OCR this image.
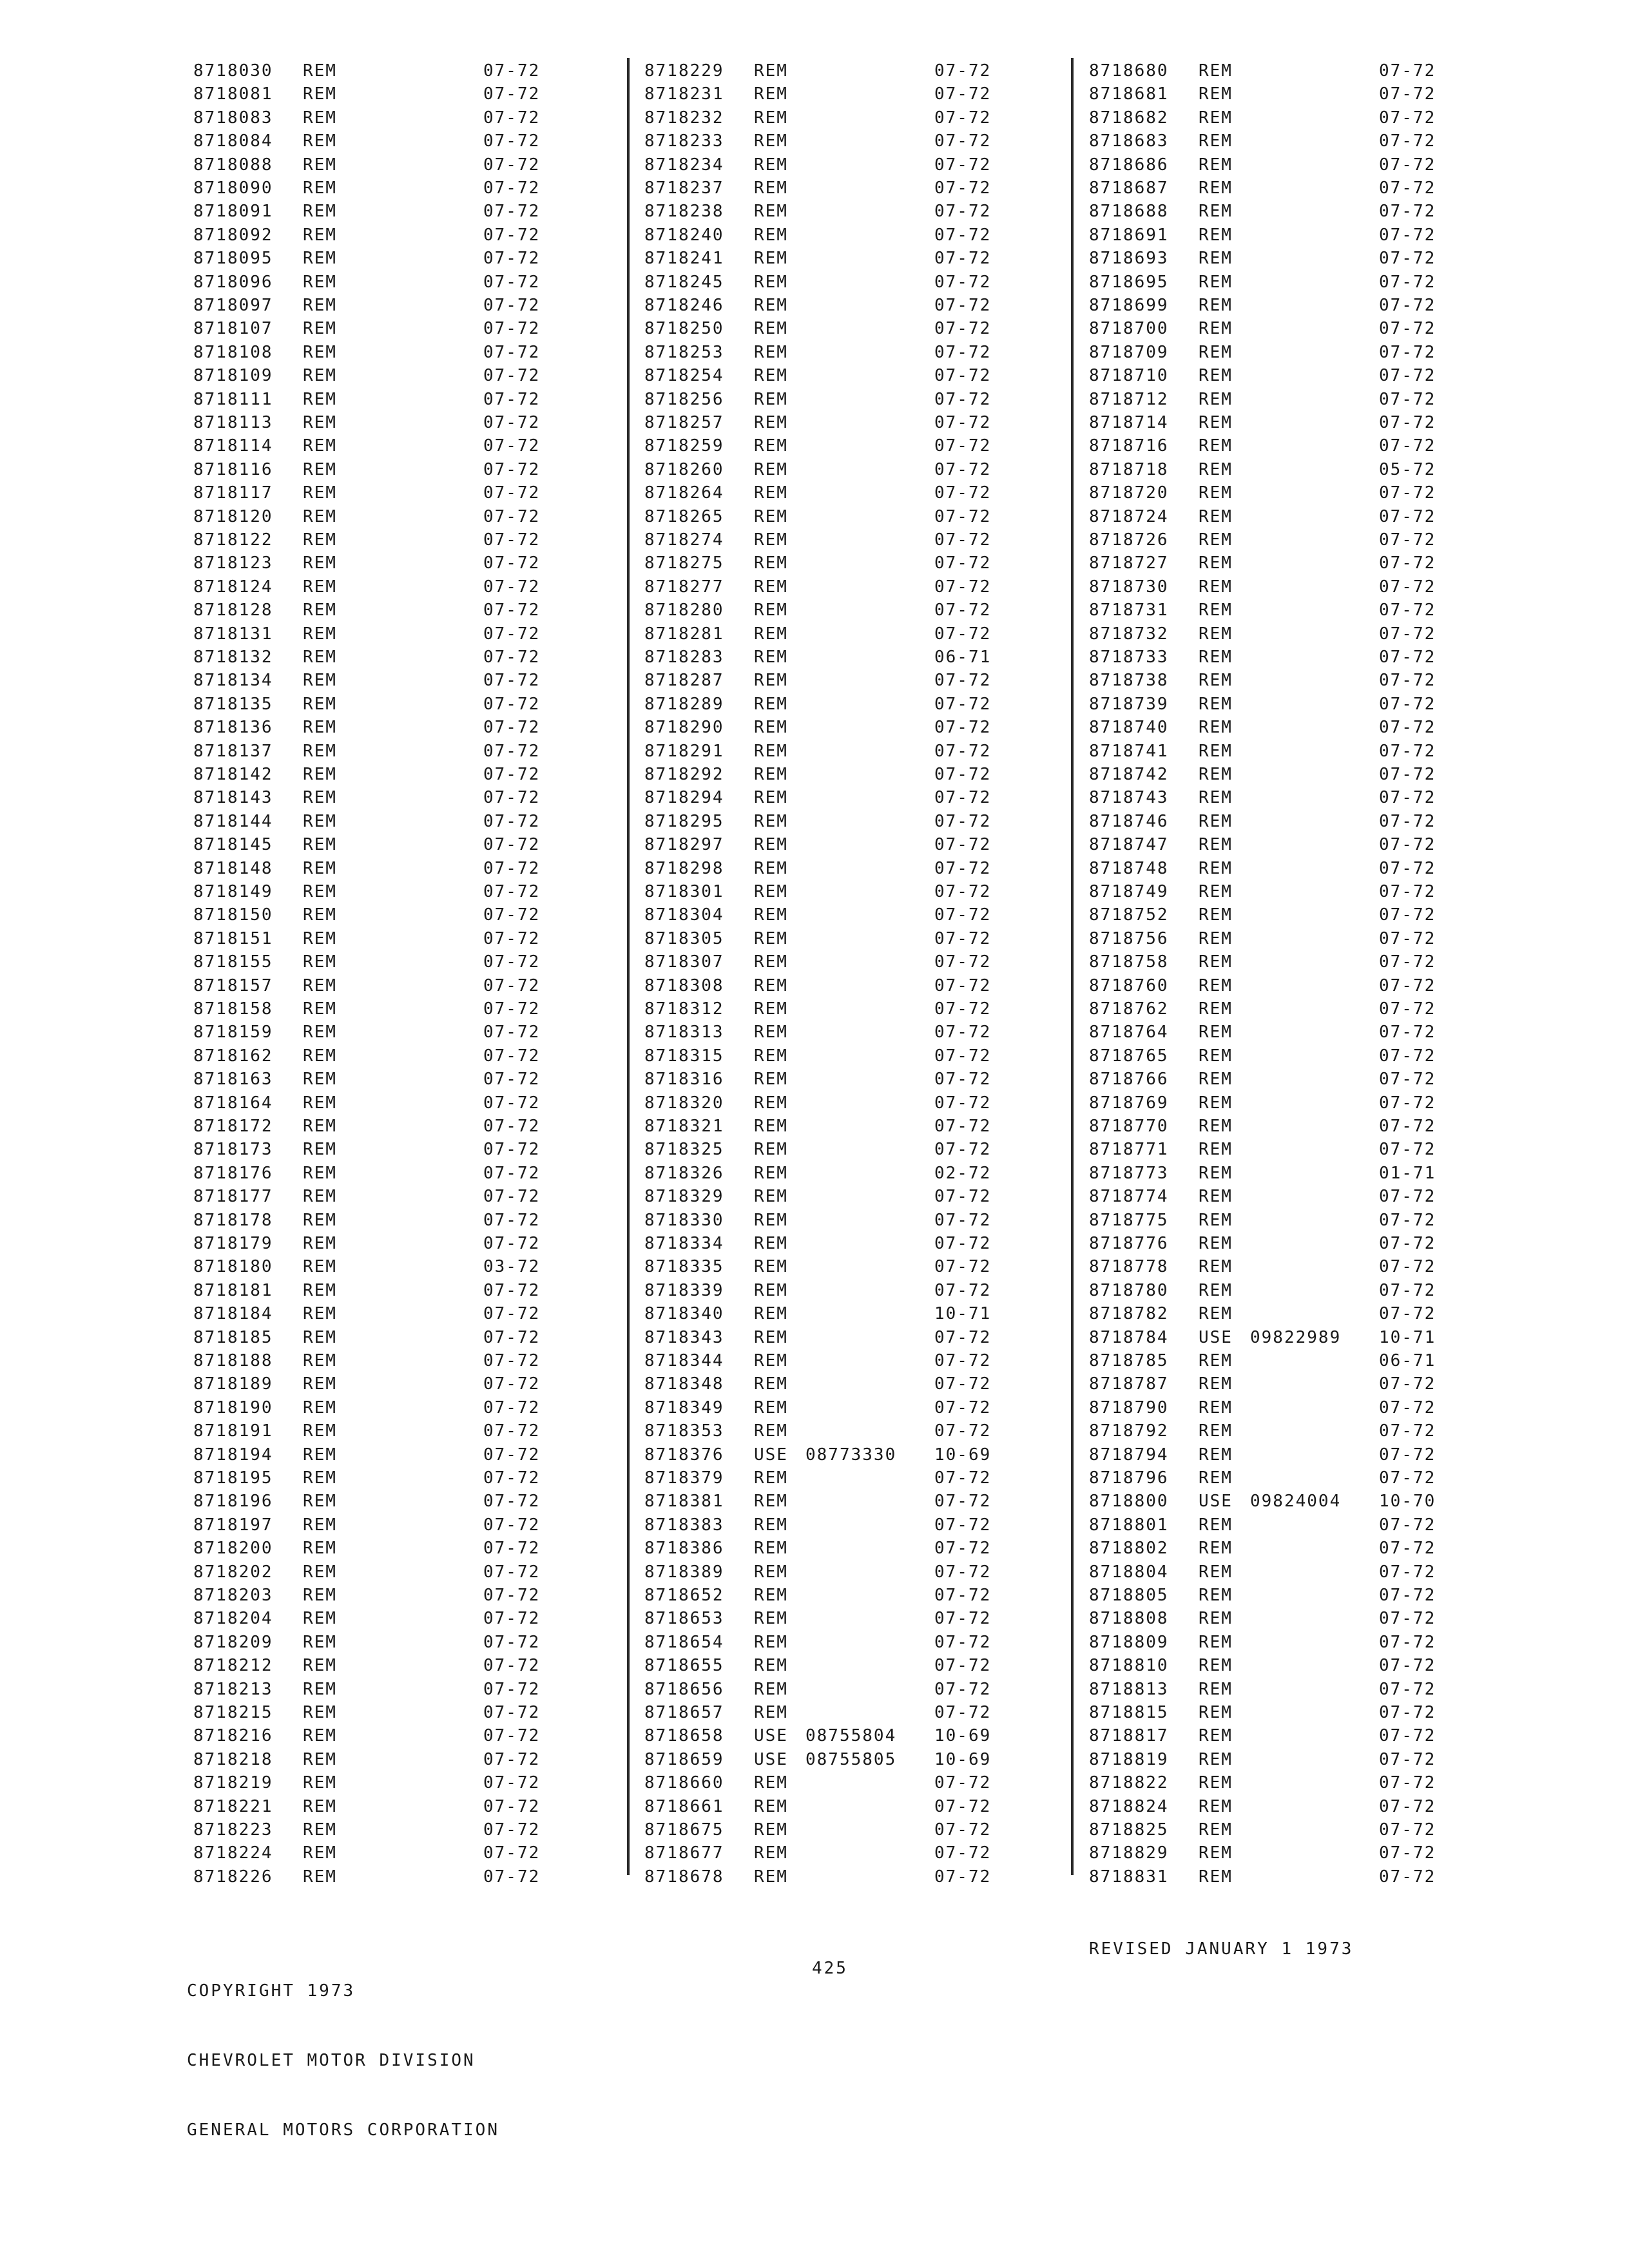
8718030 REM	07-72
8718081 REM	07-72
8718083 REM	07-72
8718084 REM	07-72
8718088 REM	07-72
8718090 REM	07-72
8718091 REM	07-72
8718092 REM	07-72
8718095 REM	07-72
8718096 REM	07-72
8718097 REM	07-72
8718107 REM	07-72
8718108 REM	07-72
8718109 REM	07-72
8718111 REM	07-72
8718113 REM	07-72
8718114 REM	07-72
8718116 REM	07-72
8718117 REM	07-72
8718120 REM	07-72
8718122 REM	07-72
8718123 REM	07-72
8718124 REM	07-72
8718128 REM	07-72
8718131 REM	07-72
8718132 REM	07-72
8718134 REM	07-72
8718135 REM	07-72
8718136 REM	07-72
8718137 REM	07-72
8718142 REM	07-72
8718143 REM	07-72
8718144 REM	07-72
8718145 REM	07-72
8718148 REM	07-72
8718149 REM	07-72
8718150 REM	07-72
8718151 REM	07-72
8718155 REM	07-72
8718157 REM	07-72
8718158 REM	07-72
8718159 REM	07-72
8718162 REM	07-72
8718163 REM	07-72
8718164 REM	07-72
8718172 REM	07-72
8718173 REM	07-72
8718176 REM	07-72
8718177 REM	07-72
8718178 REM	07-72
8718179 REM	07-72
8718180 REM	03-72
8718181 REM	07-72
8718184 REM	07-72
8718185 REM	07-72
8718188 REM	07-72
8718189 REM	07-72
8718190 REM	07-72
8718191 REM	07-72
8718194 REM	07-72
8718195 REM	07-72
8718196 REM	07-72
8718197 REM	07-72
8718200 REM	07-72
8718202 REM	07-72
8718203 REM	07-72
8718204 REM	07-72
8718209 REM	07-72
8718212 REM	07-72
8718213 REM	07-72
8718215 REM	07-72
8718216 REM	07-72
8718218 REM	07-72
8718219 REM	07-72
8718221 REM	07-72
8718223 REM	07-72
8718224 REM	07-72
8718226 REM	07-72
8718229 REM	07-72
8718231 REM	07-72
8718232 REM	07-72
8718233 REM	07-72
8718234 REM	07-72
8718237 REM	07-72
8718238 REM	07-72
8718240 REM	07-72
8718241 REM	07-72
8718245 REM	07-72
8718246 REM	07-72
8718250 REM	07-72
8718253 REM	07-72
8718254 REM	07-72
8718256 REM	07-72
8718257 REM	07-72
8718259 REM	07-72
8718260 REM	07-72
8718264 REM	07-72
8718265 REM	07-72
8718274 REM	07-72
8718275 REM	07-72
8718277 REM	07-72
8718280 REM	07-72
8718281 REM	07-72
8718283 REM	06-71
8718287 REM	07-72
8718289 REM	07-72
8718290 REM	07-72
8718291 REM	07-72
8718292 REM	07-72
8718294 REM	07-72
8718295 REM	07-72
8718297 REM	07-72
8718298 REM	07-72
8718301 REM	07-72
8718304 REM	07-72
8718305 REM	07-72
8718307 REM	07-72
8718308 REM	07-72
8718312 REM	07-72
8718313 REM	07-72
8718315 REM	07-72
8718316 REM	07-72
8718320 REM	07-72
8718321 REM	07-72
8718325 REM	07-72
8718326 REM	02-72
8718329 REM	07-72
8718330 REM	07-72
8718334 REM	07-72
8718335 REM	07-72
8718339 REM	07-72
8718340 REM	10-71
8718343 REM	07-72
8718344 REM	07-72
8718348 REM	07-72
8718349 REM	07-72
8718353 REM	07-72
8718376 USE 08773330 10-69
8718379 REM	07-72
8718381 REM	07-72
8718383 REM	07-72
8718386 REM	07-72
8718389 REM	07-72
8718652 REM	07-72
8718653 REM	07-72
8718654 REM	07-72
8718655 REM	07-72
8718656 REM	07-72
8718657 REM	07-72
8718658 USE 08755804 10-69
8718659 USE 08755805 10-69
8718660 REM	07-72
8718661 REM	07-72
8718675 REM	07-72
8718677 REM	07-72
8718678 REM	07-72
8718680 REM	07-72
8718681 REM	07-72
8718682 REM	07-72
8718683 REM	07-72
8718686 REM	07-72
8718687 REM	07-72
8718688 REM	07-72
8718691 REM	07-72
8718693 REM	07-72
8718695 REM	07-72
8718699 REM	07-72
8718700 REM	07-72
8718709 REM	07-72
8718710 REM	07-72
8718712 REM	07-72
8718714 REM	07-72
8718716 REM	07-72
8718718 REM	05-72
8718720 REM	07-72
8718724 REM	07-72
8718726 REM	07-72
8718727 REM	07-72
8718730 REM	07-72
8718731 REM	07-72
8718732 REM	07-72
8718733 REM	07-72
8718738 REM	07-72
8718739 REM	07-72
8718740 REM	07-72
8718741 REM	07-72
8718742 REM	07-72
8718743 REM	07-72
8718746 REM	07-72
8718747 REM	07-72
8718748 REM	07-72
8718749 REM	07-72
8718752 REM	07-72
8718756 REM	07-72
8718758 REM	07-72
8718760 REM	07-72
8718762 REM	07-72
8718764 REM	07-72
8718765 REM	07-72
8718766 REM	07-72
8718769 REM	07-72
8718770 REM	07-72
8718771 REM	07-72
8718773 REM	01-71
8718774 REM	07-72
8718775 REM	07-72
8718776 REM	07-72
8718778 REM	07-72
8718780 REM	07-72
8718782 REM	07-72
8718784 USE 09822989 10-71
8718785 REM	06-71
8718787 REM	07-72
8718790 REM	07-72
8718792 REM	07-72
8718794 REM	07-72
8718796 REM	07-72
8718800 USE 09824004 10-70
8718801 REM	07-72
8718802 REM	07-72
8718804 REM	07-72
8718805 REM	07-72
8718808 REM	07-72
8718809 REM	07-72
8718810 REM	07-72
8718813 REM	07-72
8718815 REM	07-72
8718817 REM	07-72
8718819 REM	07-72
8718822 REM	07-72
8718824 REM	07-72
8718825 REM	07-72
8718829 REM	07-72
8718831 REM	07-72

COPYRIGHT 1973

CHEVROLET MOTOR DIVISION

GENERAL MOTORS CORPORATION

425
REVISED JANUARY 1 1973
